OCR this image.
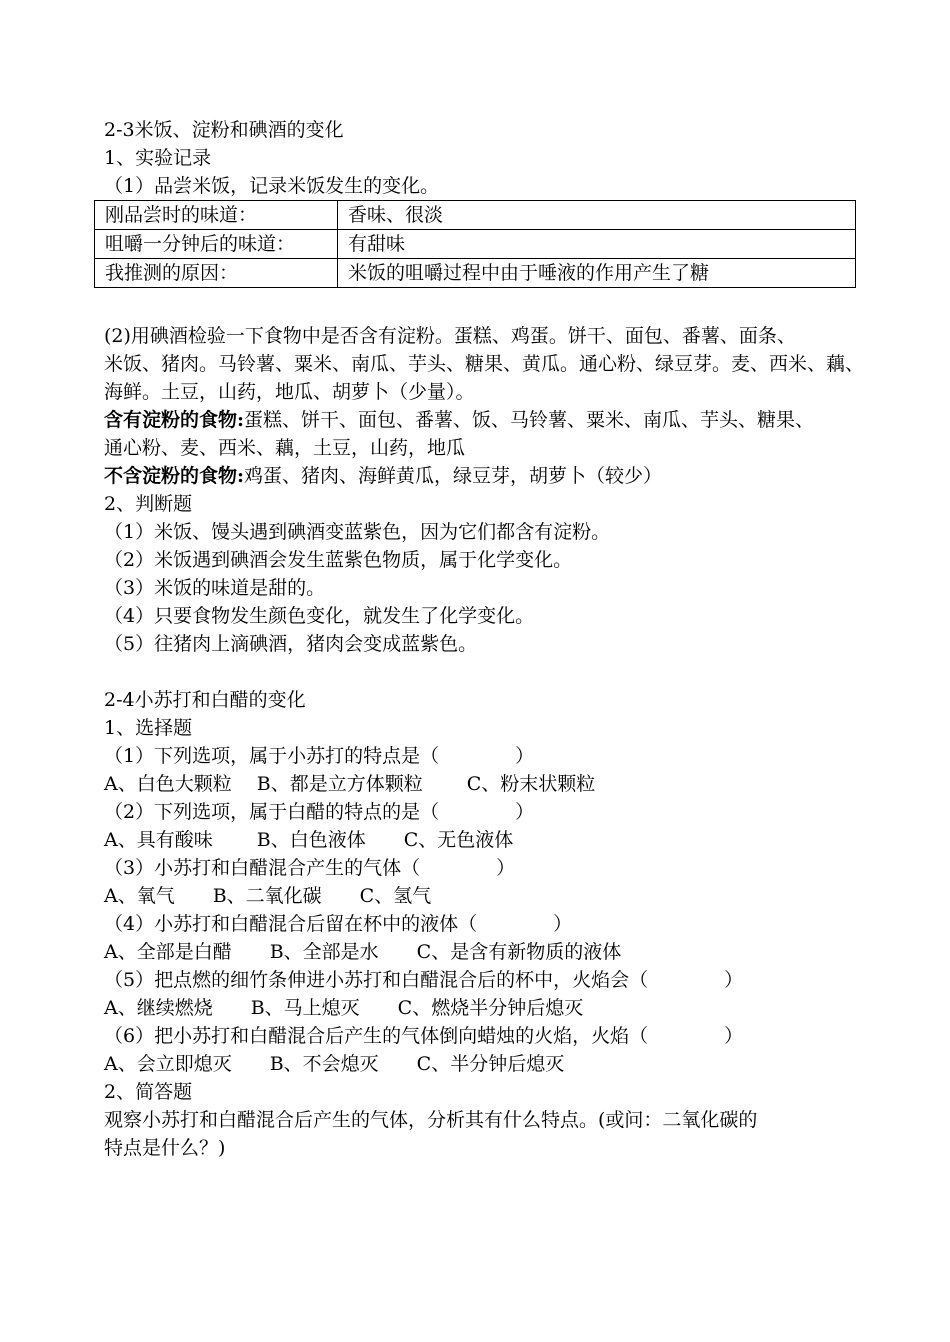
2-3米饭、淀粉和碘酒的变化
1、实验记录
（1）品尝米饭，记录米饭发生的变化。
刚品尝时的味道：	香味、很淡
咀嚼一分钟后的味道：	有甜味
我推测的原因：	米饭的咀嚼过程中由于唾液的作用产生了糖
(2)用碘酒检验一下食物中是否含有淀粉。蛋糕、鸡蛋。饼干、面包、番薯、面条、
米饭、猪肉。马铃薯、粟米、南瓜、芋头、糖果、黄瓜。通心粉、绿豆芽。麦、西米、藕、
海鲜。土豆，山药，地瓜、胡萝卜（少量）。
含有淀粉的食物:蛋糕、饼干、面包、番薯、饭、马铃薯、粟米、南瓜、芋头、糖果、
通心粉、麦、西米、藕，土豆，山药，地瓜
不含淀粉的食物:鸡蛋、猪肉、海鲜黄瓜，绿豆芽，胡萝卜（较少）
2、判断题
（1）米饭、馒头遇到碘酒变蓝紫色，因为它们都含有淀粉。
（2）米饭遇到碘酒会发生蓝紫色物质，属于化学变化。
（3）米饭的味道是甜的。
（4）只要食物发生颜色变化，就发生了化学变化。
（5）往猪肉上滴碘酒，猪肉会变成蓝紫色。
2-4小苏打和白醋的变化
1、选择题
（1）下列选项，属于小苏打的特点是（　　　　）
A、白色大颗粒　 B、都是立方体颗粒　　 C、粉末状颗粒
（2）下列选项，属于白醋的特点的是（　　　　）
A、具有酸味　　 B、白色液体　　C、无色液体
（3）小苏打和白醋混合产生的气体（　　　　）
A、氧气　　B、二氧化碳　　C、氢气
（4）小苏打和白醋混合后留在杯中的液体（　　　　）
A、全部是白醋　　B、全部是水　　C、是含有新物质的液体
（5）把点燃的细竹条伸进小苏打和白醋混合后的杯中，火焰会（　　　　）
A、继续燃烧　　B、马上熄灭　　C、燃烧半分钟后熄灭
（6）把小苏打和白醋混合后产生的气体倒向蜡烛的火焰，火焰（　　　　）
A、会立即熄灭　　B、不会熄灭　　C、半分钟后熄灭
2、简答题
观察小苏打和白醋混合后产生的气体，分析其有什么特点。(或问：二氧化碳的
特点是什么？)
